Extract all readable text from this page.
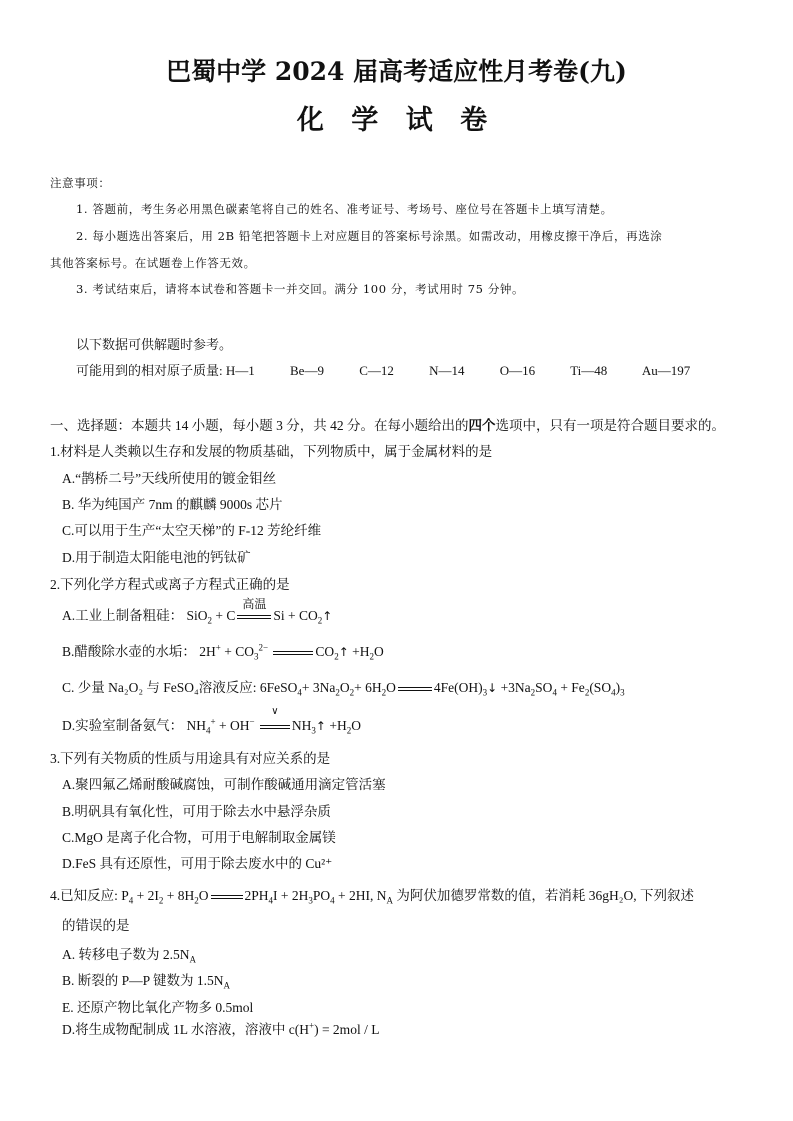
巴蜀中学 2024 届高考适应性月考卷(九)
化 学 试 卷
注意事项：
1. 答题前，考生务必用黑色碳素笔将自己的姓名、准考证号、考场号、座位号在答题卡上填写清楚。
2. 每小题选出答案后，用 2B 铅笔把答题卡上对应题目的答案标号涂黑。如需改动，用橡皮擦干净后，再选涂
其他答案标号。在试题卷上作答无效。
3. 考试结束后，请将本试卷和答题卡一并交回。满分 100 分，考试用时 75 分钟。
以下数据可供解题时参考。
可能用到的相对原子质量: H—1	Be—9	C—12	N—14	O—16	Ti—48	Au—197
一、选择题：本题共 14 小题，每小题 3 分，共 42 分。在每小题给出的四个选项中，只有一项是符合题目要求的。
1.材料是人类赖以生存和发展的物质基础，下列物质中，属于金属材料的是
A.“鹊桥二号”天线所使用的镀金钼丝
B. 华为纯国产 7nm 的麒麟 9000s 芯片
C.可以用于生产“太空天梯”的 F-12 芳纶纤维
D.用于制造太阳能电池的钙钛矿
2.下列化学方程式或离子方程式正确的是
A.工业上制备粗硅： SiO$_2$ + C
高温
$Si + CO_2↑$
B.醋酸除水壶的水垢： $2H^+ + CO_3^{2-}$	$CO_2↑ +H_2O$
C. 少量 Na₂O₂ 与 FeSO₄溶液反应: 6FeSO$_4$+ $3Na_2O_2+ 6H_2O$	$4Fe(OH)_3↓ +3Na_2SO_4 + Fe_2(SO_4)_3$
D.实验室制备氨气： $NH_4^+ + OH^-$
∨
$NH_3↑ +H_2O$
3.下列有关物质的性质与用途具有对应关系的是
A.聚四氟乙烯耐酸碱腐蚀，可制作酸碱通用滴定管活塞
B.明矾具有氧化性，可用于除去水中悬浮杂质
C.MgO 是离子化合物，可用于电解制取金属镁
D.FeS 具有还原性，可用于除去废水中的 Cu²⁺
4.已知反应: $P_4 + 2I_2 + 8H_2O$	$2PH_4I + 2H_3PO_4 + 2HI$, $N_A$ 为阿伏加德罗常数的值，若消耗 36gH₂O, 下列叙述
的错误的是
A. 转移电子数为 $2.5N_A$
B. 断裂的 P—P 键数为 $1.5N_A$
E. 还原产物比氧化产物多 0.5mol
D.将生成物配制成 1L 水溶液，溶液中 c(H+) = 2mol / L
